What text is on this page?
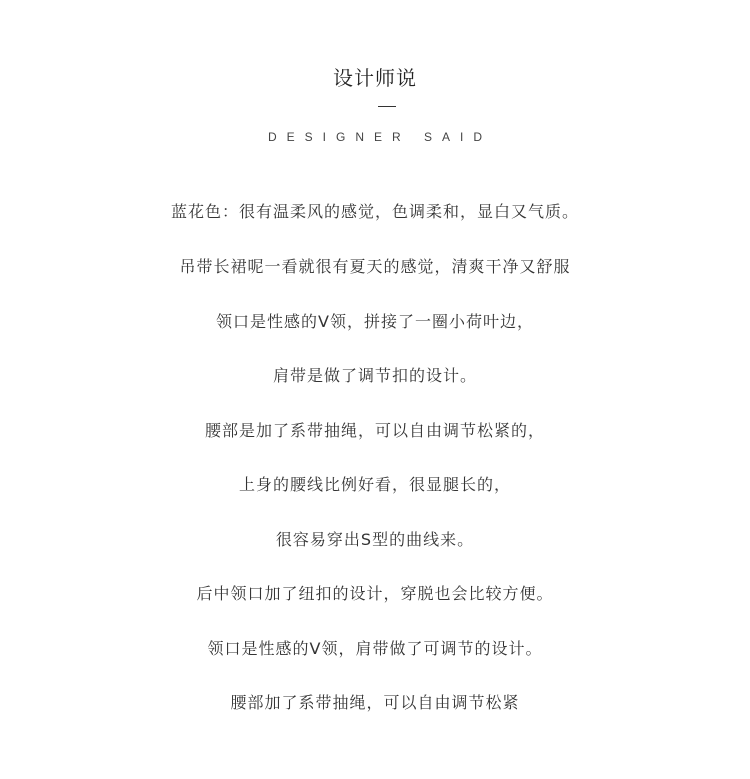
设计师说
DESIGNER SAID
蓝花色：很有温柔风的感觉，色调柔和，显白又气质。
吊带长裙呢一看就很有夏天的感觉，清爽干净又舒服
领口是性感的V领，拼接了一圈小荷叶边，
肩带是做了调节扣的设计。
腰部是加了系带抽绳，可以自由调节松紧的，
上身的腰线比例好看，很显腿长的，
很容易穿出S型的曲线来。
后中领口加了纽扣的设计，穿脱也会比较方便。
领口是性感的V领，肩带做了可调节的设计。
腰部加了系带抽绳，可以自由调节松紧
